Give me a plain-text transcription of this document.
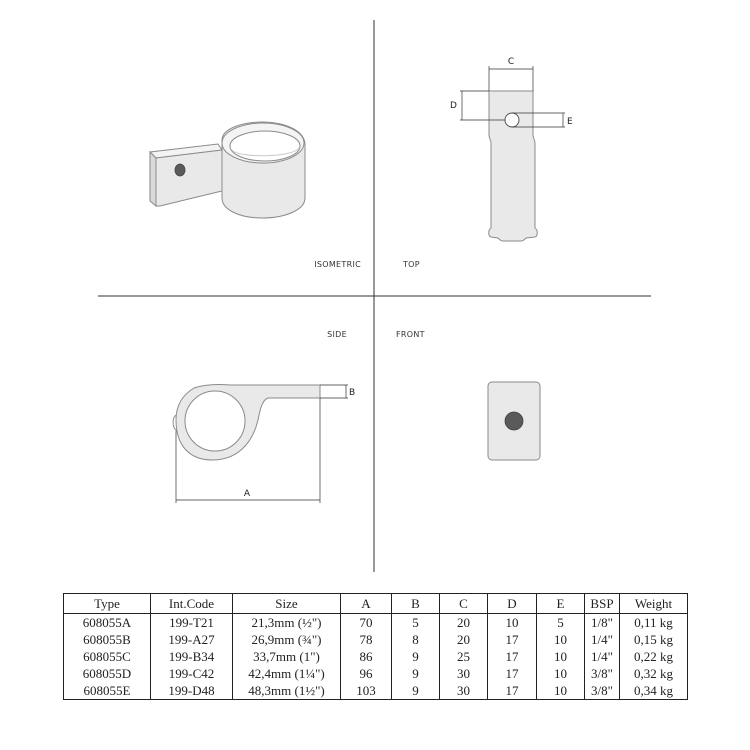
ISOMETRIC	TOP
SIDE	FRONT
A
B
C
D
E
Type	Int.Code	Size	A	B	C	D	E	BSP	Weight
608055A	199-T21	21,3mm (½")	70	5	20	10	5	1/8"	0,11 kg
608055B	199-A27	26,9mm (¾")	78	8	20	17	10	1/4"	0,15 kg
608055C	199-B34	33,7mm (1")	86	9	25	17	10	1/4"	0,22 kg
608055D	199-C42	42,4mm (1¼")	96	9	30	17	10	3/8"	0,32 kg
608055E	199-D48	48,3mm (1½")	103	9	30	17	10	3/8"	0,34 kg
